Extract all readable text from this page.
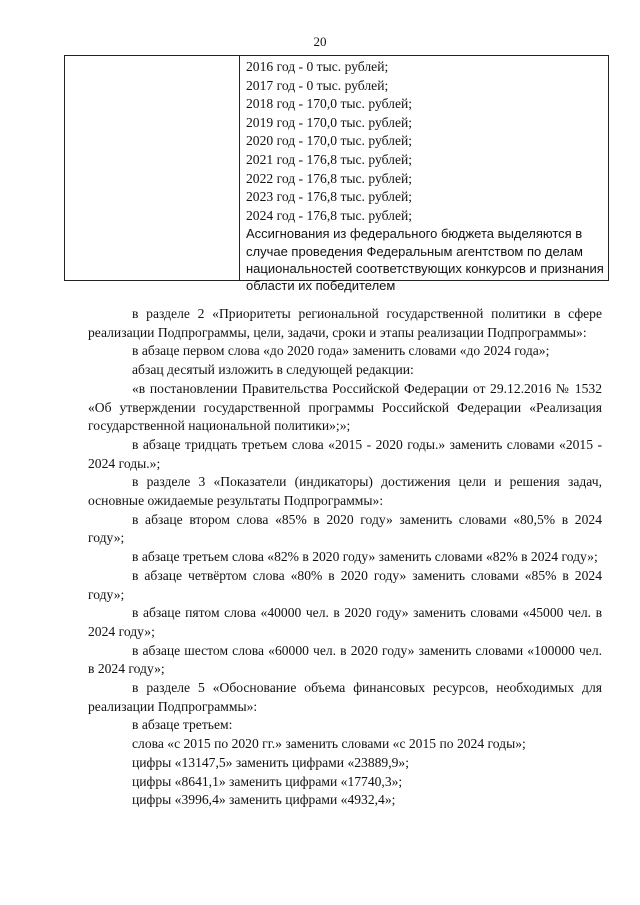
20
2016 год - 0 тыс. рублей;
2017 год - 0 тыс. рублей;
2018 год - 170,0 тыс. рублей;
2019 год - 170,0 тыс. рублей;
2020 год - 170,0 тыс. рублей;
2021 год - 176,8 тыс. рублей;
2022 год - 176,8 тыс. рублей;
2023 год - 176,8 тыс. рублей;
2024 год - 176,8 тыс. рублей;
Ассигнования из федерального бюджета выделяются в случае проведения Федеральным агентством по делам национальностей соответствующих конкурсов и признания области их победителем

в разделе 2 «Приоритеты региональной государственной политики в сфере реализации Подпрограммы, цели, задачи, сроки и этапы реализации Подпрограммы»:

в абзаце первом слова «до 2020 года» заменить словами «до 2024 года»;

абзац десятый изложить в следующей редакции:

«в постановлении Правительства Российской Федерации от 29.12.2016 № 1532 «Об утверждении государственной программы Российской Федерации «Реализация государственной национальной политики»;»;

в абзаце тридцать третьем слова «2015 - 2020 годы.» заменить словами «2015 - 2024 годы.»;

в разделе 3 «Показатели (индикаторы) достижения цели и решения задач, основные ожидаемые результаты Подпрограммы»:

в абзаце втором слова «85% в 2020 году» заменить словами «80,5% в 2024 году»;

в абзаце третьем слова «82% в 2020 году» заменить словами «82% в 2024 году»;

в абзаце четвёртом слова «80% в 2020 году» заменить словами «85% в 2024 году»;

в абзаце пятом слова «40000 чел. в 2020 году» заменить словами «45000 чел. в 2024 году»;

в абзаце шестом слова «60000 чел. в 2020 году» заменить словами «100000 чел. в 2024 году»;

в разделе 5 «Обоснование объема финансовых ресурсов, необходимых для реализации Подпрограммы»:

в абзаце третьем:

слова «с 2015 по 2020 гг.» заменить словами «с 2015 по 2024 годы»;

цифры «13147,5» заменить цифрами «23889,9»;

цифры «8641,1» заменить цифрами «17740,3»;

цифры «3996,4» заменить цифрами «4932,4»;
